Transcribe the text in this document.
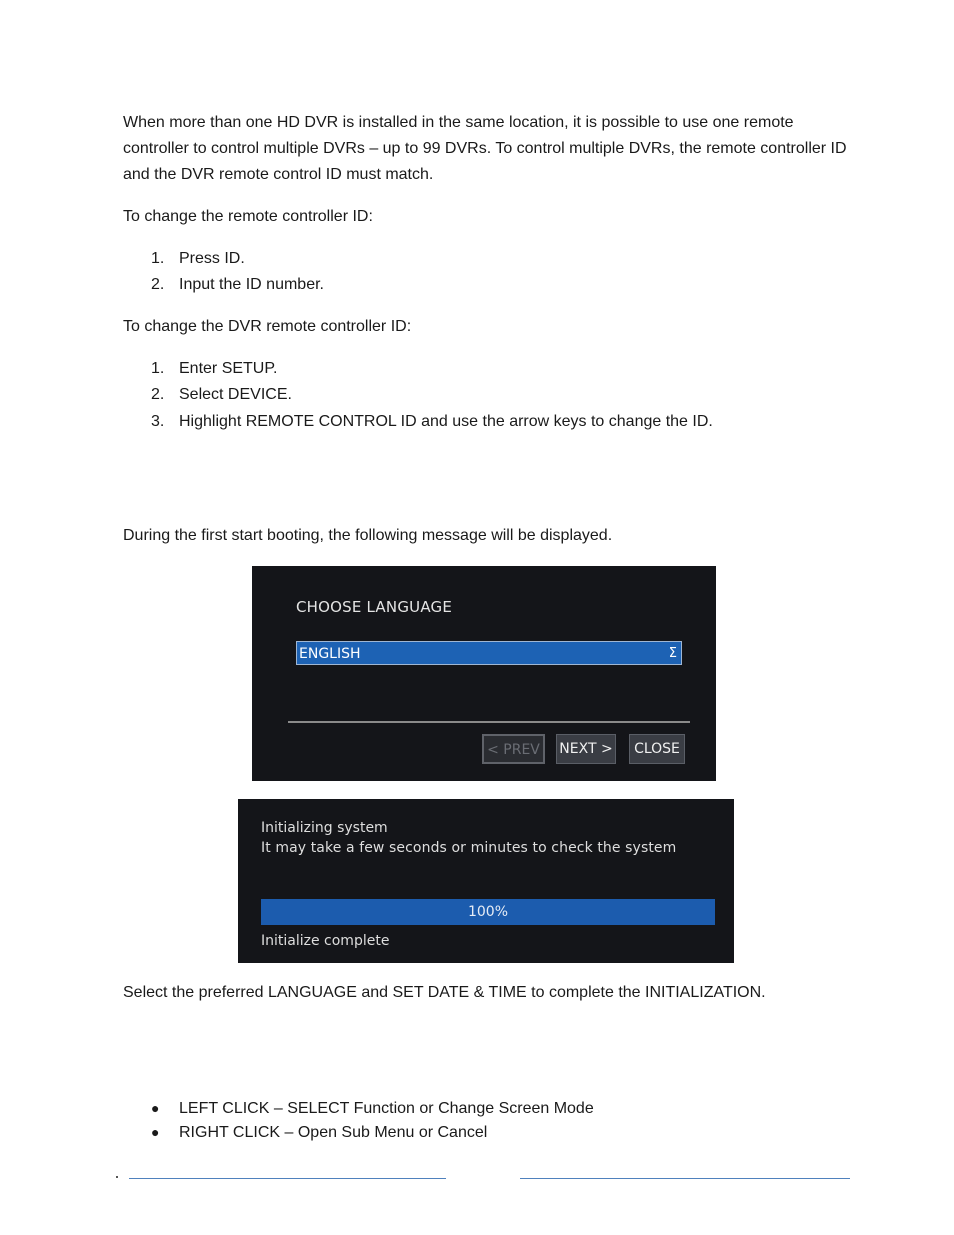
When more than one HD DVR is installed in the same location, it is possible to use one remote controller to control multiple DVRs – up to 99 DVRs. To control multiple DVRs, the remote controller ID and the DVR remote control ID must match.
To change the remote controller ID:
1. Press ID.
2. Input the ID number.
To change the DVR remote controller ID:
1. Enter SETUP.
2. Select DEVICE.
3. Highlight REMOTE CONTROL ID and use the arrow keys to change the ID.
During the first start booting, the following message will be displayed.
CHOOSE LANGUAGE
ENGLISH	Σ
< PREV	NEXT >	CLOSE
Initializing system
It may take a few seconds or minutes to check the system
100%
Initialize complete
Select the preferred LANGUAGE and SET DATE & TIME to complete the INITIALIZATION.
● LEFT CLICK – SELECT Function or Change Screen Mode
● RIGHT CLICK – Open Sub Menu or Cancel
